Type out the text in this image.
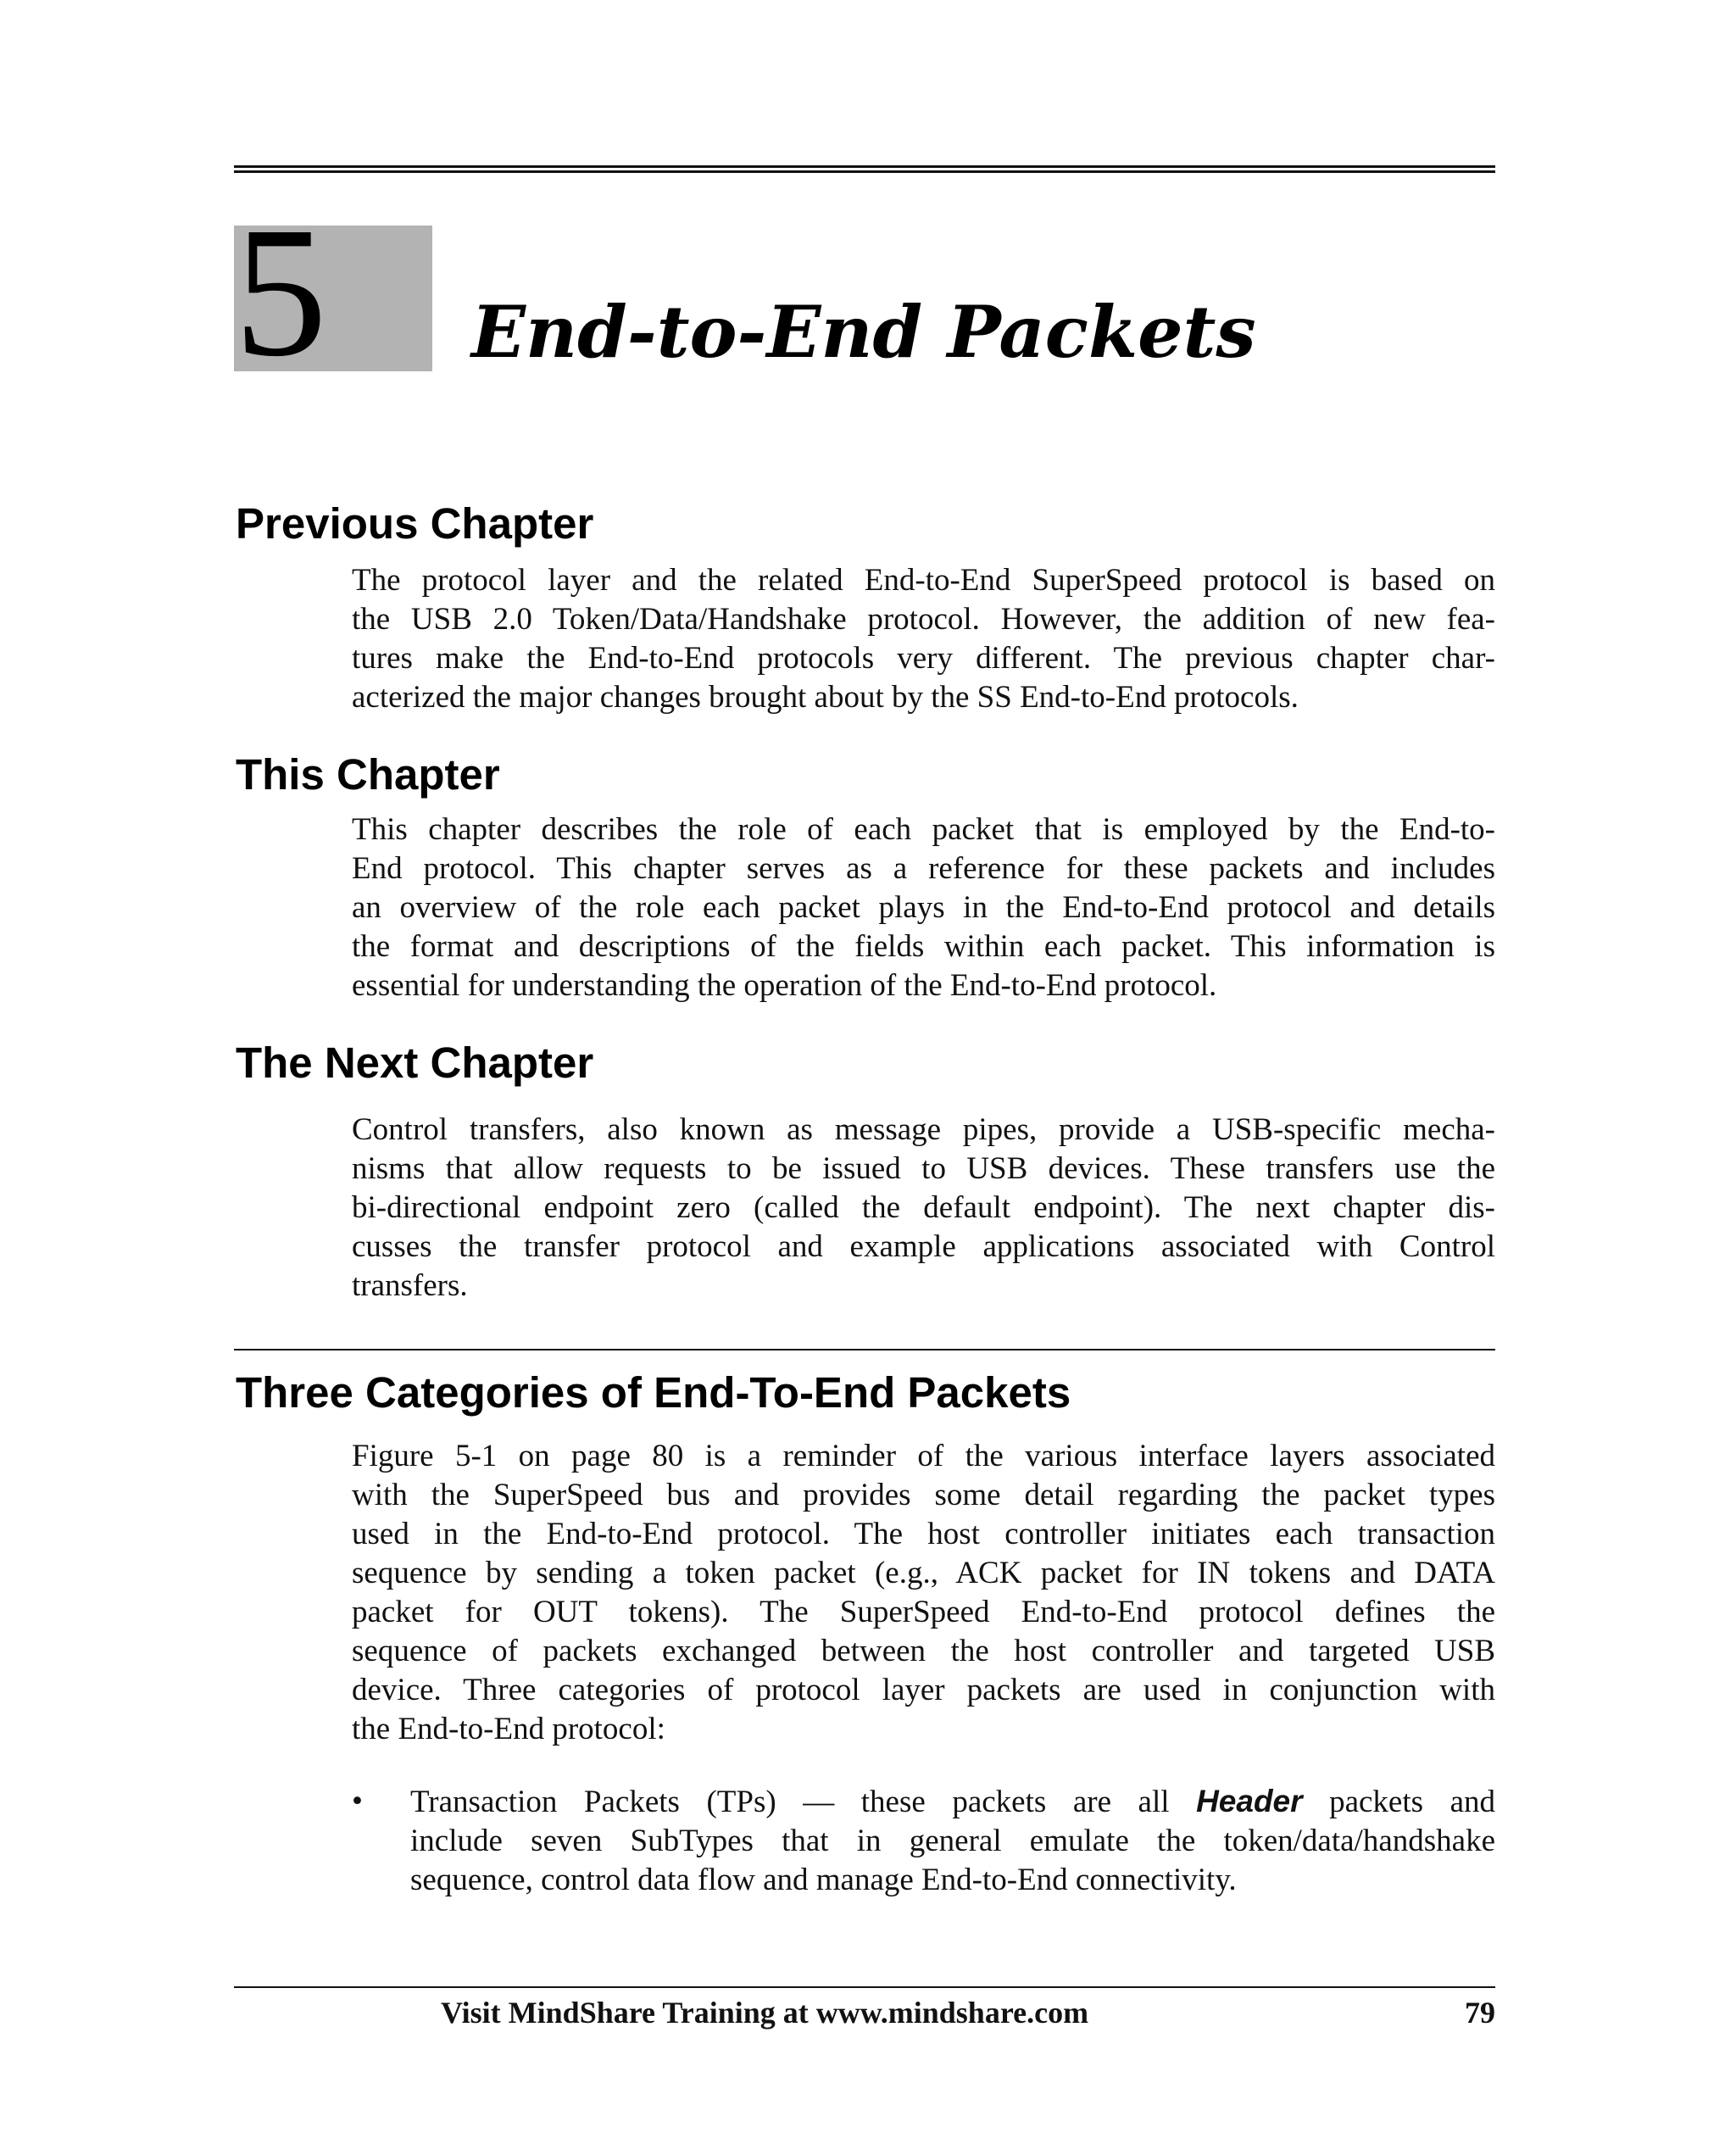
5 End-to-End Packets
Previous Chapter
The protocol layer and the related End-to-End SuperSpeed protocol is based on
the USB 2.0 Token/Data/Handshake protocol. However, the addition of new fea-
tures make the End-to-End protocols very different. The previous chapter char-
acterized the major changes brought about by the SS End-to-End protocols.
This Chapter
This chapter describes the role of each packet that is employed by the End-to-
End protocol. This chapter serves as a reference for these packets and includes
an overview of the role each packet plays in the End-to-End protocol and details
the format and descriptions of the fields within each packet. This information is
essential for understanding the operation of the End-to-End protocol.
The Next Chapter
Control transfers, also known as message pipes, provide a USB-specific mecha-
nisms that allow requests to be issued to USB devices. These transfers use the
bi-directional endpoint zero (called the default endpoint). The next chapter dis-
cusses the transfer protocol and example applications associated with Control
transfers.
Three Categories of End-To-End Packets
Figure 5-1 on page 80 is a reminder of the various interface layers associated
with the SuperSpeed bus and provides some detail regarding the packet types
used in the End-to-End protocol. The host controller initiates each transaction
sequence by sending a token packet (e.g., ACK packet for IN tokens and DATA
packet for OUT tokens). The SuperSpeed End-to-End protocol defines the
sequence of packets exchanged between the host controller and targeted USB
device. Three categories of protocol layer packets are used in conjunction with
the End-to-End protocol:
• Transaction Packets (TPs) — these packets are all Header packets and
include seven SubTypes that in general emulate the token/data/handshake
sequence, control data flow and manage End-to-End connectivity.
Visit MindShare Training at www.mindshare.com	79
